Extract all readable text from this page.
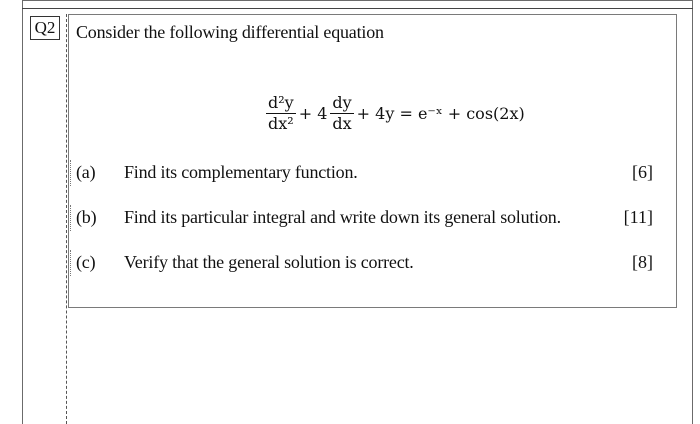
Q2 Consider the following differential equation
$\frac{\text{d²y}}{\text{dx²}} + 4 \frac{dy}{dx} + 4y$ = e⁻ˣ + cos(2x)
(a) Find its complementary function.	[6]
(b) Find its particular integral and write down its general solution.	[11]
(c) Verify that the general solution is correct.	[8]
